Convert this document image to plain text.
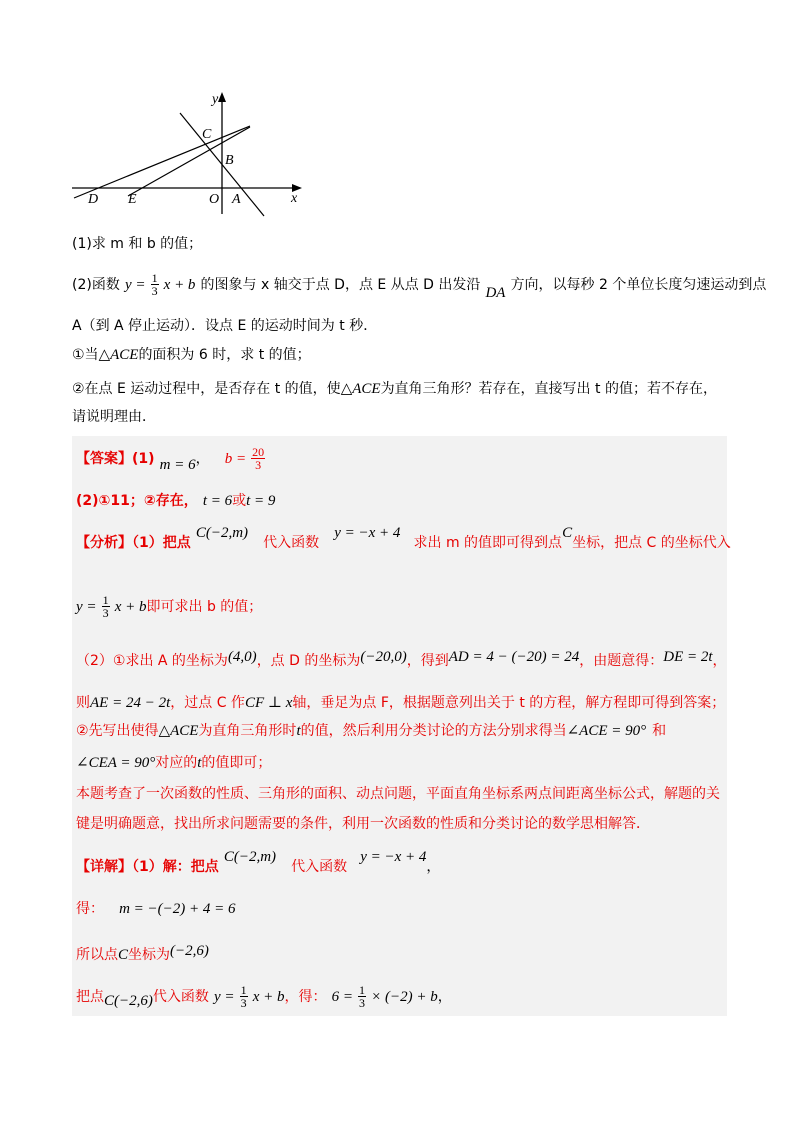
y
x
C
B
D E	O A
(1)求 m 和 b 的值；
(2)函数 $y = \frac{1}{3}$ x + b 的图象与 x 轴交于点 D，点 E 从点 D 出发沿 DA 方向，以每秒 2 个单位长度匀速运动到点
A（到 A 停止运动）．设点 E 的运动时间为 t 秒．
①当△ACE的面积为 6 时，求 t 的值；
②在点 E 运动过程中，是否存在 t 的值，使△ACE为直角三角形？若存在，直接写出 t 的值；若不存在，
请说明理由．
【答案】(1) m = 6， $b = \frac{20}{3}$
(2)①11；②存在， t = 6或t = 9
【分析】（1）把点 C(−2,m) 代入函数 y = −x + 4 求出 m 的值即可得到点C坐标，把点 C 的坐标代入
$y = \frac{1}{3}$ x + b即可求出 b 的值；
（2）①求出 A 的坐标为(4,0)，点 D 的坐标为(−20,0)，得到AD = 4 − (−20) = 24，由题意得：DE = 2t，
则AE = 24 − 2t，过点 C 作CF ⊥ x轴，垂足为点 F，根据题意列出关于 t 的方程，解方程即可得到答案；
②先写出使得△ACE为直角三角形时t的值，然后利用分类讨论的方法分别求得当∠ACE = 90° 和
∠CEA = 90°对应的t的值即可；
本题考查了一次函数的性质、三角形的面积、动点问题，平面直角坐标系两点间距离坐标公式，解题的关
键是明确题意，找出所求问题需要的条件，利用一次函数的性质和分类讨论的数学思相解答．
【详解】（1）解：把点 C(−2,m) 代入函数 y = −x + 4，
得： m = −(−2) + 4 = 6
所以点C坐标为(−2,6)
把点C(−2,6)代入函数 $y = \frac{1}{3}$ x + b，得： $6 = \frac{1}{3} \times (-2) + b$，
